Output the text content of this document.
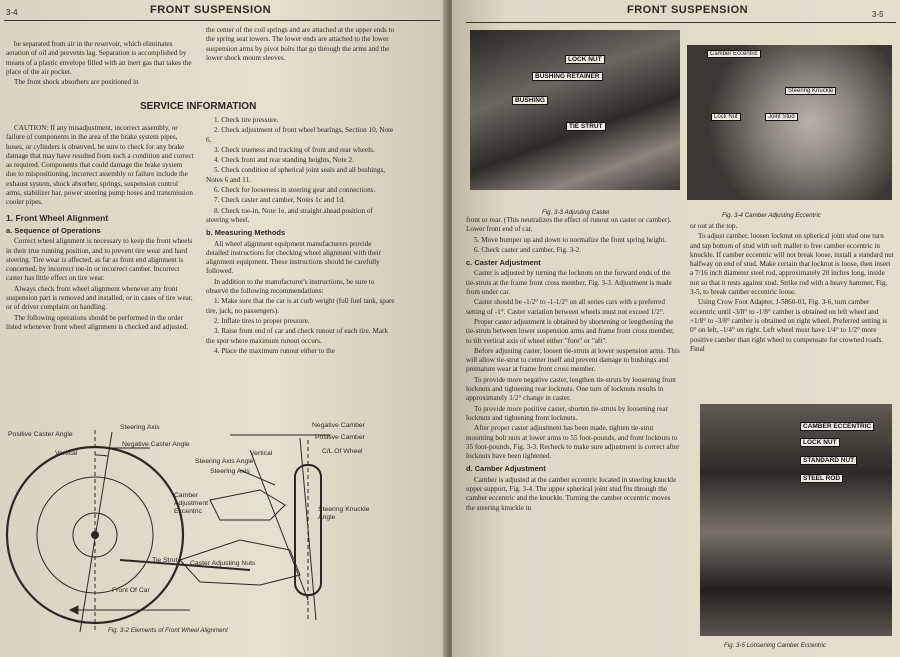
3-4	FRONT SUSPENSION

be separated from air in the reservoir, which eliminates aeration of oil and prevents lag. Separation is accomplished by means of a plastic envelope filled with an inert gas that takes the place of the air pocket.

The front shock absorbers are positioned in

the center of the coil springs and are attached at the upper ends to the spring seat towers. The lower ends are attached to the lower suspension arms by pivot bolts that go through the arms and the lower shock mount sleeves.

SERVICE INFORMATION

CAUTION: If any misadjustment, incorrect assembly, or failure of components in the area of the brake system pipes, hoses, or cylinders is observed, be sure to check for any brake damage that may have resulted from such a condition and correct as required. Components that could damage the brake system due to mispositioning, incorrect assembly or failure include the exhaust system, shock absorber, springs, suspension control arms, stabilizer bar, power steering pump hoses and transmission cooler pipes.

1. Front Wheel Alignment
a. Sequence of Operations

Correct wheel alignment is necessary to keep the front wheels in their true running position, and to prevent tire wear and hard steering. Tire wear is affected, as far as front end alignment is concerned, by incorrect toe-in or incorrect camber. Incorrect caster has little effect on tire wear.

Always check front wheel alignment whenever any front suspension part is removed and installed, or in cases of tire wear, or of driver complaint on handling.

The following operations should be performed in the order listed whenever front wheel alignment is checked and adjusted.

1. Check tire pressure.

2. Check adjustment of front wheel bearings, Section 10, Note 6.

3. Check trueness and tracking of front and rear wheels.

4. Check front and rear standing heights, Note 2.

5. Check condition of spherical joint seals and all bushings, Notes 6 and 11.

6. Check for looseness in steering gear and connections.

7. Check caster and camber, Notes 1c and 1d.

8. Check toe-in, Note 1e, and straight ahead position of steering wheel.

b. Measuring Methods

All wheel alignment equipment manufacturers provide detailed instructions for checking wheel alignment with their alignment equipment. These instructions should be carefully followed.

In addition to the manufacturer's instructions, be sure to observe the following recommendations:

1. Make sure that the car is at curb weight (full fuel tank, spare tire, jack, no passengers).

2. Inflate tires to proper pressure.

3. Raise front end of car and check runout of each tire. Mark the spot where maximum runout occurs.

4. Place the maximum runout either to the

Positive Caster Angle
Steering Axis
Negative Caster Angle
Vertical	Vertical
Steering Axis Angle
Steering Axis
Negative Camber
Positive Camber
C/L Of Wheel
Camber Adjustment Eccentric	Steering Knuckle Angle
Tie Strut Caster Adjusting Nuts
Front Of Car
Fig. 3-2 Elements of Front Wheel Alignment
FRONT SUSPENSION	3-5
LOCK NUT
BUSHING RETAINER
BUSHING
TIE STRUT
Fig. 3-3 Adjusting Caster
Camber Eccentric
Steering Knuckle
Lock Nut	Joint Stud
Fig. 3-4 Camber Adjusting Eccentric

front or rear. (This neutralizes the effect of runout on caster or camber). Lower front end of car.

5. Move bumper up and down to normalize the front spring height.

6. Check caster and camber, Fig. 3-2.

c. Caster Adjustment

Caster is adjusted by turning the locknuts on the forward ends of the tie-struts at the frame front cross member, Fig. 3-3. Adjustment is made from under car.

Caster should be -1/2° to -1-1/2° on all series cars with a preferred setting of -1°. Caster variation between wheels must not exceed 1/2°.

Proper caster adjustment is obtained by shortening or lengthening the tie-struts between lower suspension arms and frame front cross member, to tilt vertical axis of wheel either "fore" or "aft".

Before adjusting caster, loosen tie-struts at lower suspension arms. This will allow tie-strut to center itself and prevent damage to bushings and premature wear at frame front cross member.

To provide more negative caster, lengthen tie-struts by loosening front locknuts and tightening rear locknuts. One turn of locknuts results in approximately 1/2° change in caster.

To provide more positive caster, shorten tie-struts by loosening rear locknuts and tightening front locknuts.

After proper caster adjustment has been made, tighten tie-strut mounting bolt nuts at lower arms to 55 foot-pounds, and front locknuts to 35 foot-pounds, Fig. 3-3. Recheck to make sure adjustment is correct after locknuts have been tightened.

d. Camber Adjustment

Camber is adjusted at the camber eccentric located in steering knuckle upper support, Fig. 3-4. The upper spherical joint stud fits through the camber eccentric and the knuckle. Turning the camber eccentric moves the steering knuckle in

or out at the top.

To adjust camber, loosen locknut on spherical joint stud one turn and tap bottom of stud with soft mallet to free camber eccentric in knuckle. If camber eccentric will not break loose, install a standard nut halfway on end of stud. Make certain that locknut is loose, then insert a 7/16 inch diameter steel rod, approximately 20 inches long, inside nut so that it rests against stud. Strike rod with a heavy hammer, Fig. 3-5, to break camber eccentric loose.

Using Crow Foot Adapter, J-5860-01, Fig. 3-6, turn camber eccentric until -3/8° to -1/8° camber is obtained on left wheel and +1/8° to -3/8° camber is obtained on right wheel. Preferred setting is 0° on left, -1/4° on right. Left wheel must have 1/4° to 1/2° more positive camber than right wheel to compensate for crowned roads. Final

CAMBER ECCENTRIC
LOCK NUT
STANDARD NUT
STEEL ROD
Fig. 3-5 Loosening Camber Eccentric
